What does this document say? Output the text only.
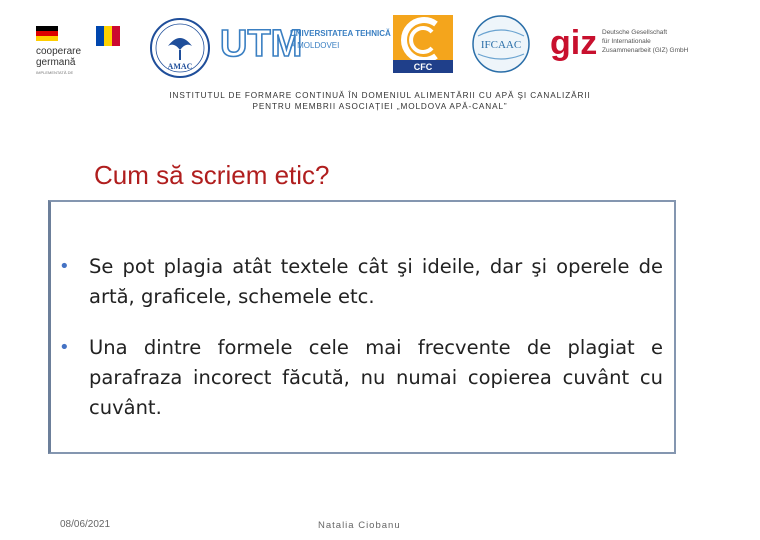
cooperare
germană
IMPLEMENTATĂ DE
AMAC
UTM
UNIVERSITATEA TEHNICĂ
A MOLDOVEI
CFC
IFCAAC giz Deutsche Gesellschaft
für Internationale
Zusammenarbeit (GIZ) GmbH
INSTITUTUL DE FORMARE CONTINUĂ ÎN DOMENIUL ALIMENTĂRII CU APĂ ŞI CANALIZĂRII
PENTRU MEMBRII ASOCIAȚIEI „MOLDOVA APĂ-CANAL”
Cum să scriem etic?
• Se pot plagia atât textele cât şi ideile, dar şi operele de artă, graficele, schemele etc.
• Una dintre formele cele mai frecvente de plagiat e parafraza incorect făcută, nu numai copierea cuvânt cu cuvânt.
08/06/2021	Natalia Ciobanu
